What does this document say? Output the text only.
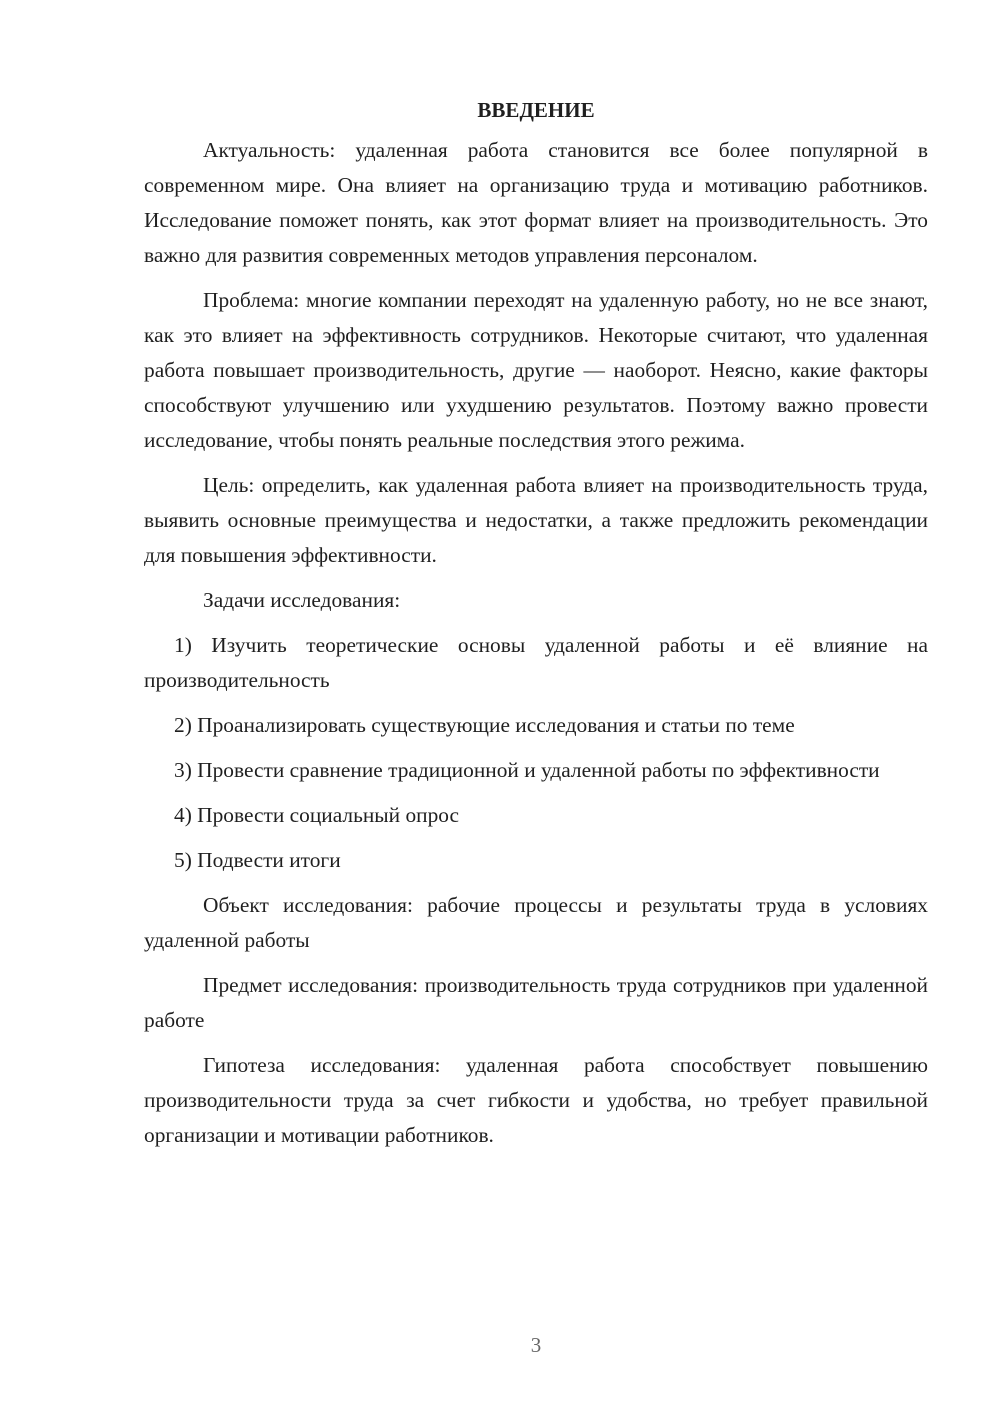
ВВЕДЕНИЕ

Актуальность: удаленная работа становится все более популярной в современном мире. Она влияет на организацию труда и мотивацию работников. Исследование поможет понять, как этот формат влияет на производительность. Это важно для развития современных методов управления персоналом.

Проблема: многие компании переходят на удаленную работу, но не все знают, как это влияет на эффективность сотрудников. Некоторые считают, что удаленная работа повышает производительность, другие — наоборот. Неясно, какие факторы способствуют улучшению или ухудшению результатов. Поэтому важно провести исследование, чтобы понять реальные последствия этого режима.

Цель: определить, как удаленная работа влияет на производительность труда, выявить основные преимущества и недостатки, а также предложить рекомендации для повышения эффективности.

Задачи исследования:

1) Изучить теоретические основы удаленной работы и её влияние на производительность

2) Проанализировать существующие исследования и статьи по теме

3) Провести сравнение традиционной и удаленной работы по эффективности

4) Провести социальный опрос

5) Подвести итоги

Объект исследования: рабочие процессы и результаты труда в условиях удаленной работы

Предмет исследования: производительность труда сотрудников при удаленной работе

Гипотеза исследования: удаленная работа способствует повышению производительности труда за счет гибкости и удобства, но требует правильной организации и мотивации работников.

3
